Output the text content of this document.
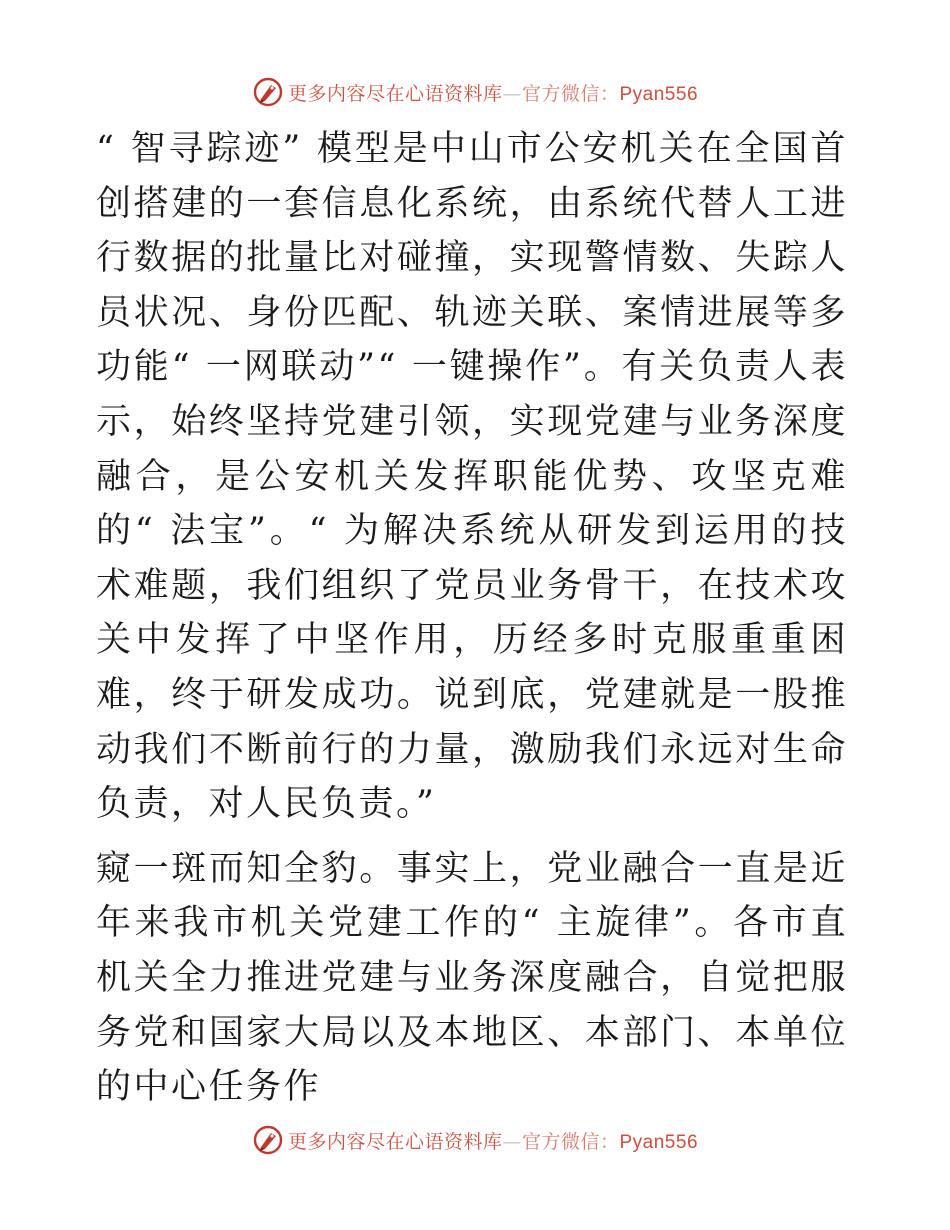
更多内容尽在心语资料库—官方微信：Pyan556

“ 智寻踪迹” 模型是中山市公安机关在全国首创搭建的一套信息化系统，由系统代替人工进行数据的批量比对碰撞，实现警情数、失踪人员状况、身份匹配、轨迹关联、案情进展等多功能“ 一网联动”“ 一键操作”。有关负责人表示，始终坚持党建引领，实现党建与业务深度融合，是公安机关发挥职能优势、攻坚克难的“ 法宝”。“ 为解决系统从研发到运用的技术难题，我们组织了党员业务骨干，在技术攻关中发挥了中坚作用，历经多时克服重重困难，终于研发成功。说到底，党建就是一股推动我们不断前行的力量，激励我们永远对生命负责，对人民负责。”

窥一斑而知全豹。事实上，党业融合一直是近年来我市机关党建工作的“ 主旋律”。各市直机关全力推进党建与业务深度融合，自觉把服务党和国家大局以及本地区、本部门、本单位的中心任务作

更多内容尽在心语资料库—官方微信：Pyan556
